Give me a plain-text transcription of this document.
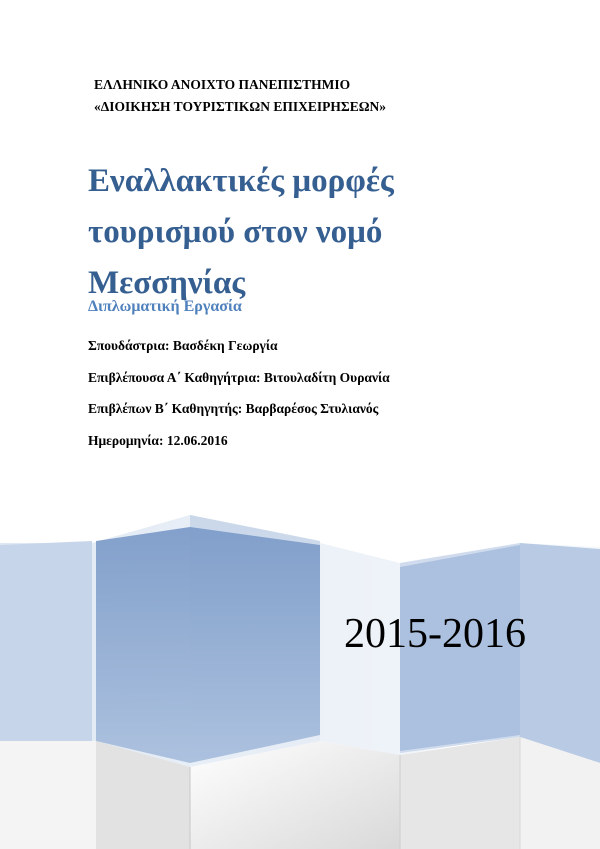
ΕΛΛΗΝΙΚΟ ΑΝΟΙΧΤΟ ΠΑΝΕΠΙΣΤΗΜΙΟ
«ΔΙΟΙΚΗΣΗ ΤΟΥΡΙΣΤΙΚΩΝ ΕΠΙΧΕΙΡΗΣΕΩΝ»
Εναλλακτικές μορφές
τουρισμού στον νομό
Μεσσηνίας
Διπλωματική Εργασία
Σπουδάστρια: Βασδέκη Γεωργία
Επιβλέπουσα Α΄ Καθηγήτρια: Βιτουλαδίτη Ουρανία
Επιβλέπων Β΄ Καθηγητής: Βαρβαρέσος Στυλιανός
Ημερομηνία: 12.06.2016
2015-2016
